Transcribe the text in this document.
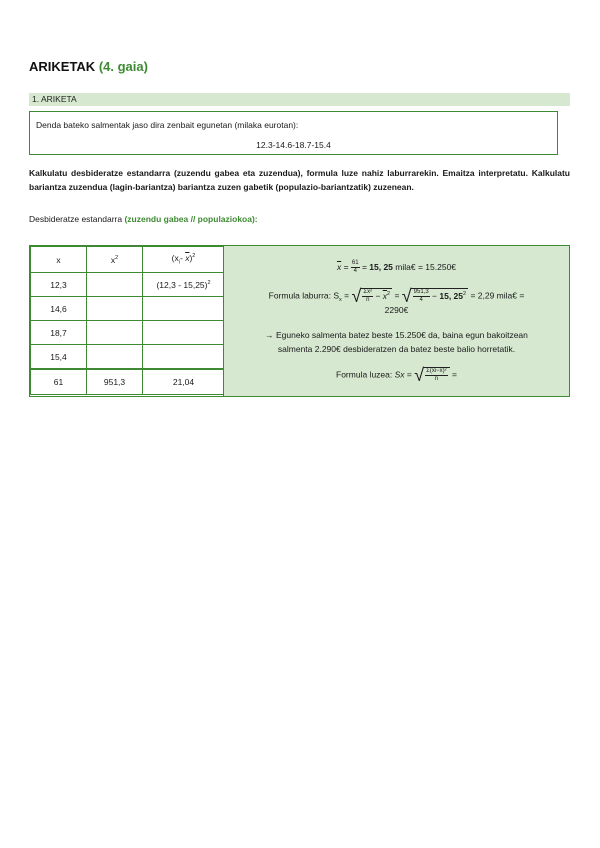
ARIKETAK (4. gaia)
1. ARIKETA
Denda bateko salmentak jaso dira zenbait egunetan (milaka eurotan):
12.3-14.6-18.7-15.4
Kalkulatu desbideratze estandarra (zuzendu gabea eta zuzendua), formula luze nahiz laburrarekin. Emaitza interpretatu. Kalkulatu bariantza zuzendua (lagin-bariantza) bariantza zuzen gabetik (populazio-bariantzatik) zuzenean.
Desbideratze estandarra (zuzendu gabea // populaziokoa):
x	$x^2$	($x_i-$ $\overline{x})^2$
12,3		(12,3 - 15,25)$^2$
14,6		
18,7		
15,4		
61	951,3	21,04
$\overline{x} = \frac{61}{4} = 15$, 25 mila€ = 15.250€
Formula laburra: $S_x$ = √ $\frac{\text{Σx²}}{n} - \overline{x}^2$ = √ $\frac{951,3}{4} - 15$, $25^2 = 2,29$ mila€ =
2290€
→ Eguneko salmenta batez beste 15.250€ da, baina egun bakoitzean
salmenta 2.290€ desbideratzen da batez beste balio horretatik.
Formula luzea: Sx = √ $\frac{\text{Σ(xi−x̄)²}}{n}$ =
